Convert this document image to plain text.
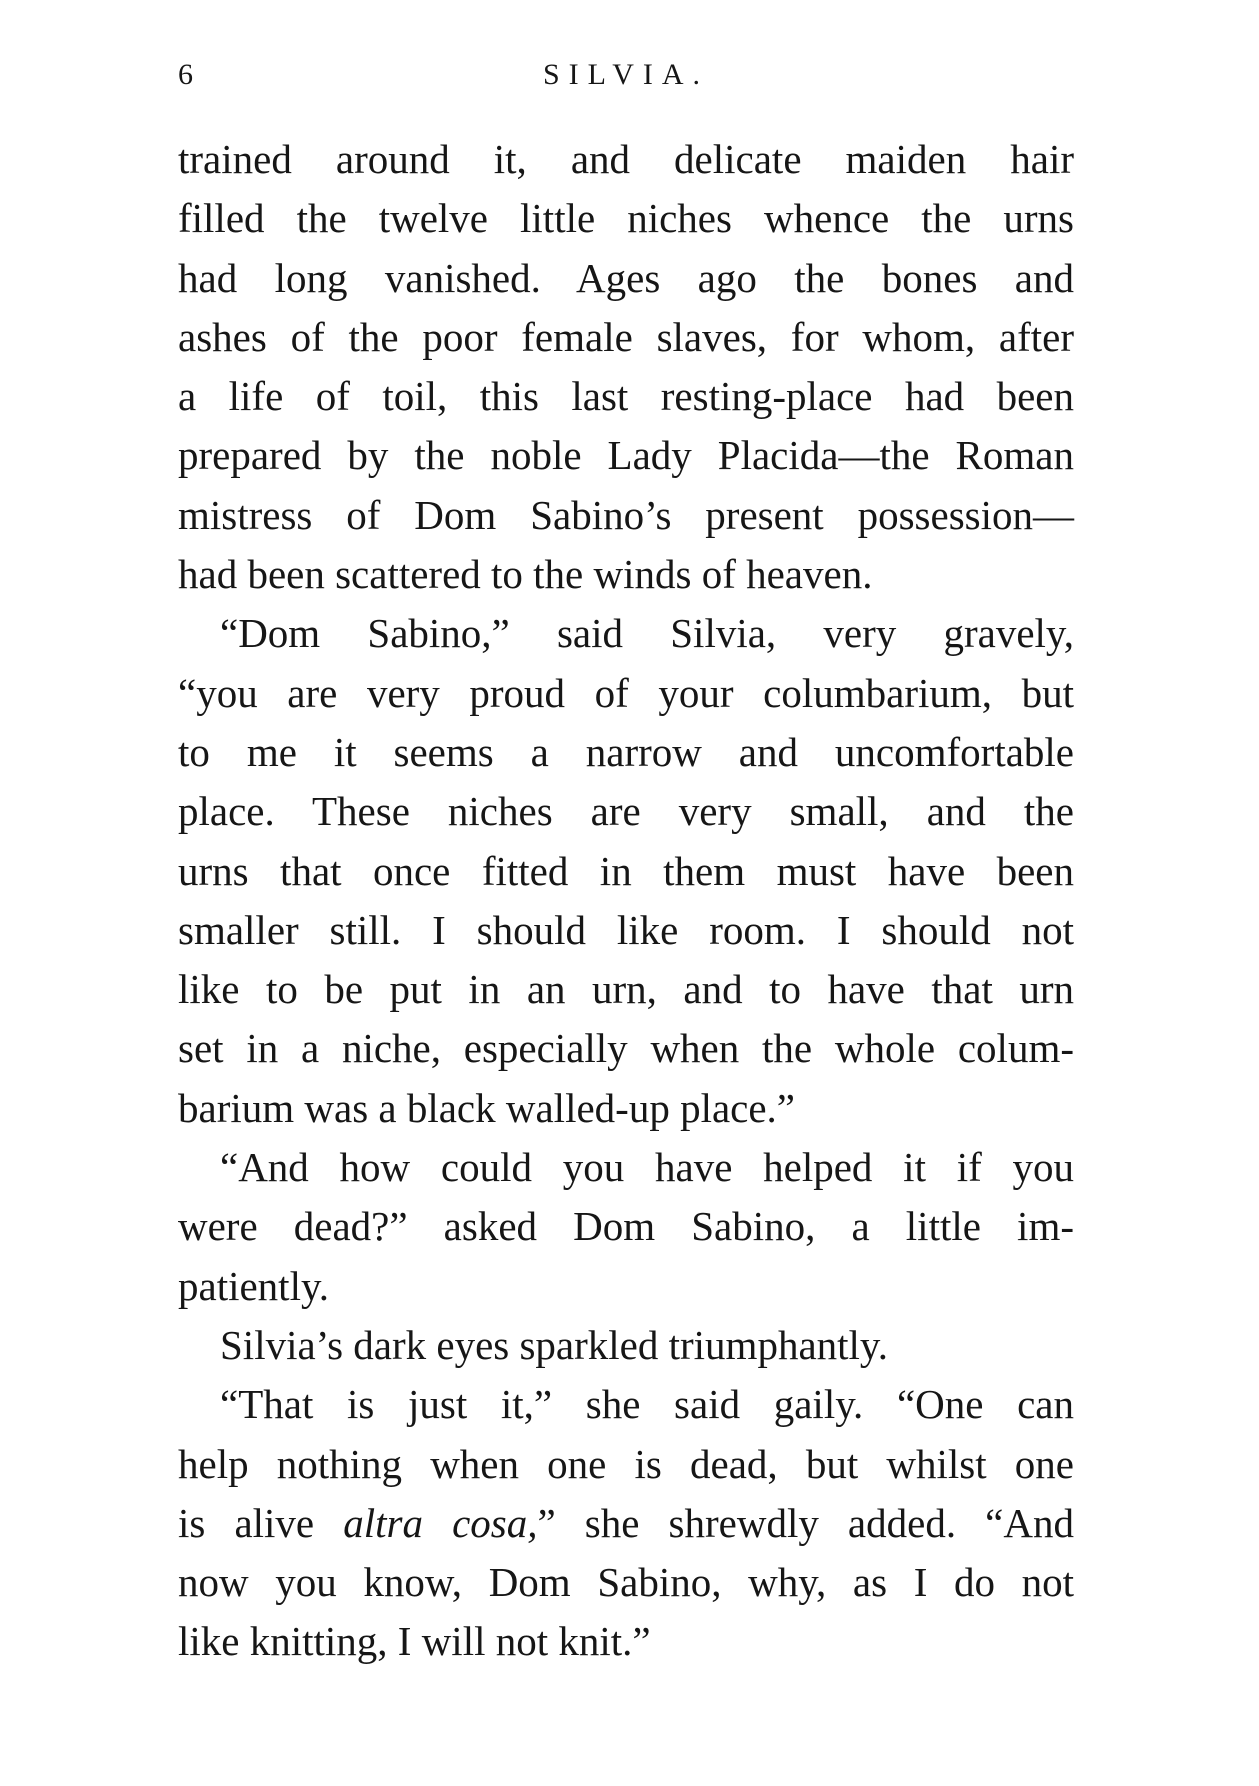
6	SILVIA.
trained around it, and delicate maiden hair
filled the twelve little niches whence the urns
had long vanished. Ages ago the bones and
ashes of the poor female slaves, for whom, after
a life of toil, this last resting-place had been
prepared by the noble Lady Placida—the Roman
mistress of Dom Sabino’s present possession—
had been scattered to the winds of heaven.
“Dom Sabino,” said Silvia, very gravely,
“you are very proud of your columbarium, but
to me it seems a narrow and uncomfortable
place. These niches are very small, and the
urns that once fitted in them must have been
smaller still. I should like room. I should not
like to be put in an urn, and to have that urn
set in a niche, especially when the whole colum-
barium was a black walled-up place.”
“And how could you have helped it if you
were dead?” asked Dom Sabino, a little im-
patiently.
Silvia’s dark eyes sparkled triumphantly.
“That is just it,” she said gaily. “One can
help nothing when one is dead, but whilst one
is alive altra cosa,” she shrewdly added. “And
now you know, Dom Sabino, why, as I do not
like knitting, I will not knit.”
